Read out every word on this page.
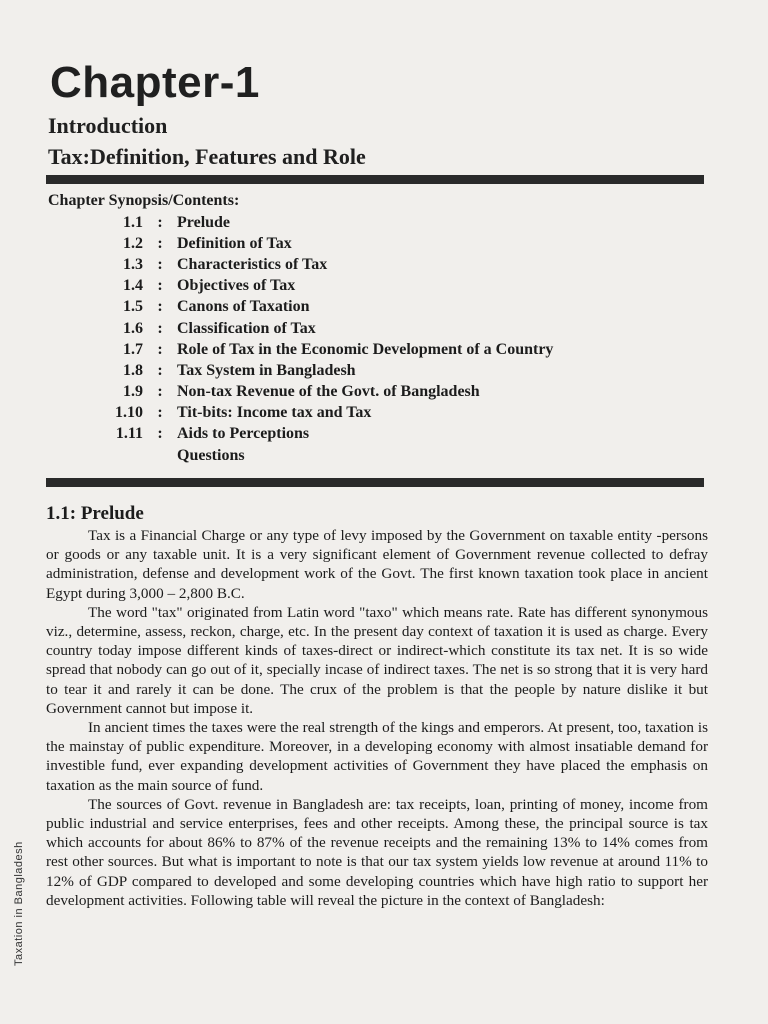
Chapter-1
Introduction
Tax:Definition, Features and Role
Chapter Synopsis/Contents:
1.1 : Prelude
1.2 : Definition of Tax
1.3 : Characteristics of Tax
1.4 : Objectives of Tax
1.5 : Canons of Taxation
1.6 : Classification of Tax
1.7 : Role of Tax in the Economic Development of a Country
1.8 : Tax System in Bangladesh
1.9 : Non-tax Revenue of the Govt. of Bangladesh
1.10 : Tit-bits: Income tax and Tax
1.11 : Aids to Perceptions
Questions
1.1: Prelude

Tax is a Financial Charge or any type of levy imposed by the Government on taxable entity -persons or goods or any taxable unit. It is a very significant element of Government revenue collected to defray administration, defense and development work of the Govt. The first known taxation took place in ancient Egypt during 3,000 – 2,800 B.C.

The word "tax" originated from Latin word "taxo" which means rate. Rate has different synonymous viz., determine, assess, reckon, charge, etc. In the present day context of taxation it is used as charge. Every country today impose different kinds of taxes-direct or indirect-which constitute its tax net. It is so wide spread that nobody can go out of it, specially incase of indirect taxes. The net is so strong that it is very hard to tear it and rarely it can be done. The crux of the problem is that the people by nature dislike it but Government cannot but impose it.

In ancient times the taxes were the real strength of the kings and emperors. At present, too, taxation is the mainstay of public expenditure. Moreover, in a developing economy with almost insatiable demand for investible fund, ever expanding development activities of Government they have placed the emphasis on taxation as the main source of fund.

The sources of Govt. revenue in Bangladesh are: tax receipts, loan, printing of money, income from public industrial and service enterprises, fees and other receipts. Among these, the principal source is tax which accounts for about 86% to 87% of the revenue receipts and the remaining 13% to 14% comes from rest other sources. But what is important to note is that our tax system yields low revenue at around 11% to 12% of GDP compared to developed and some developing countries which have high ratio to support her development activities. Following table will reveal the picture in the context of Bangladesh:

Taxation in Bangladesh
